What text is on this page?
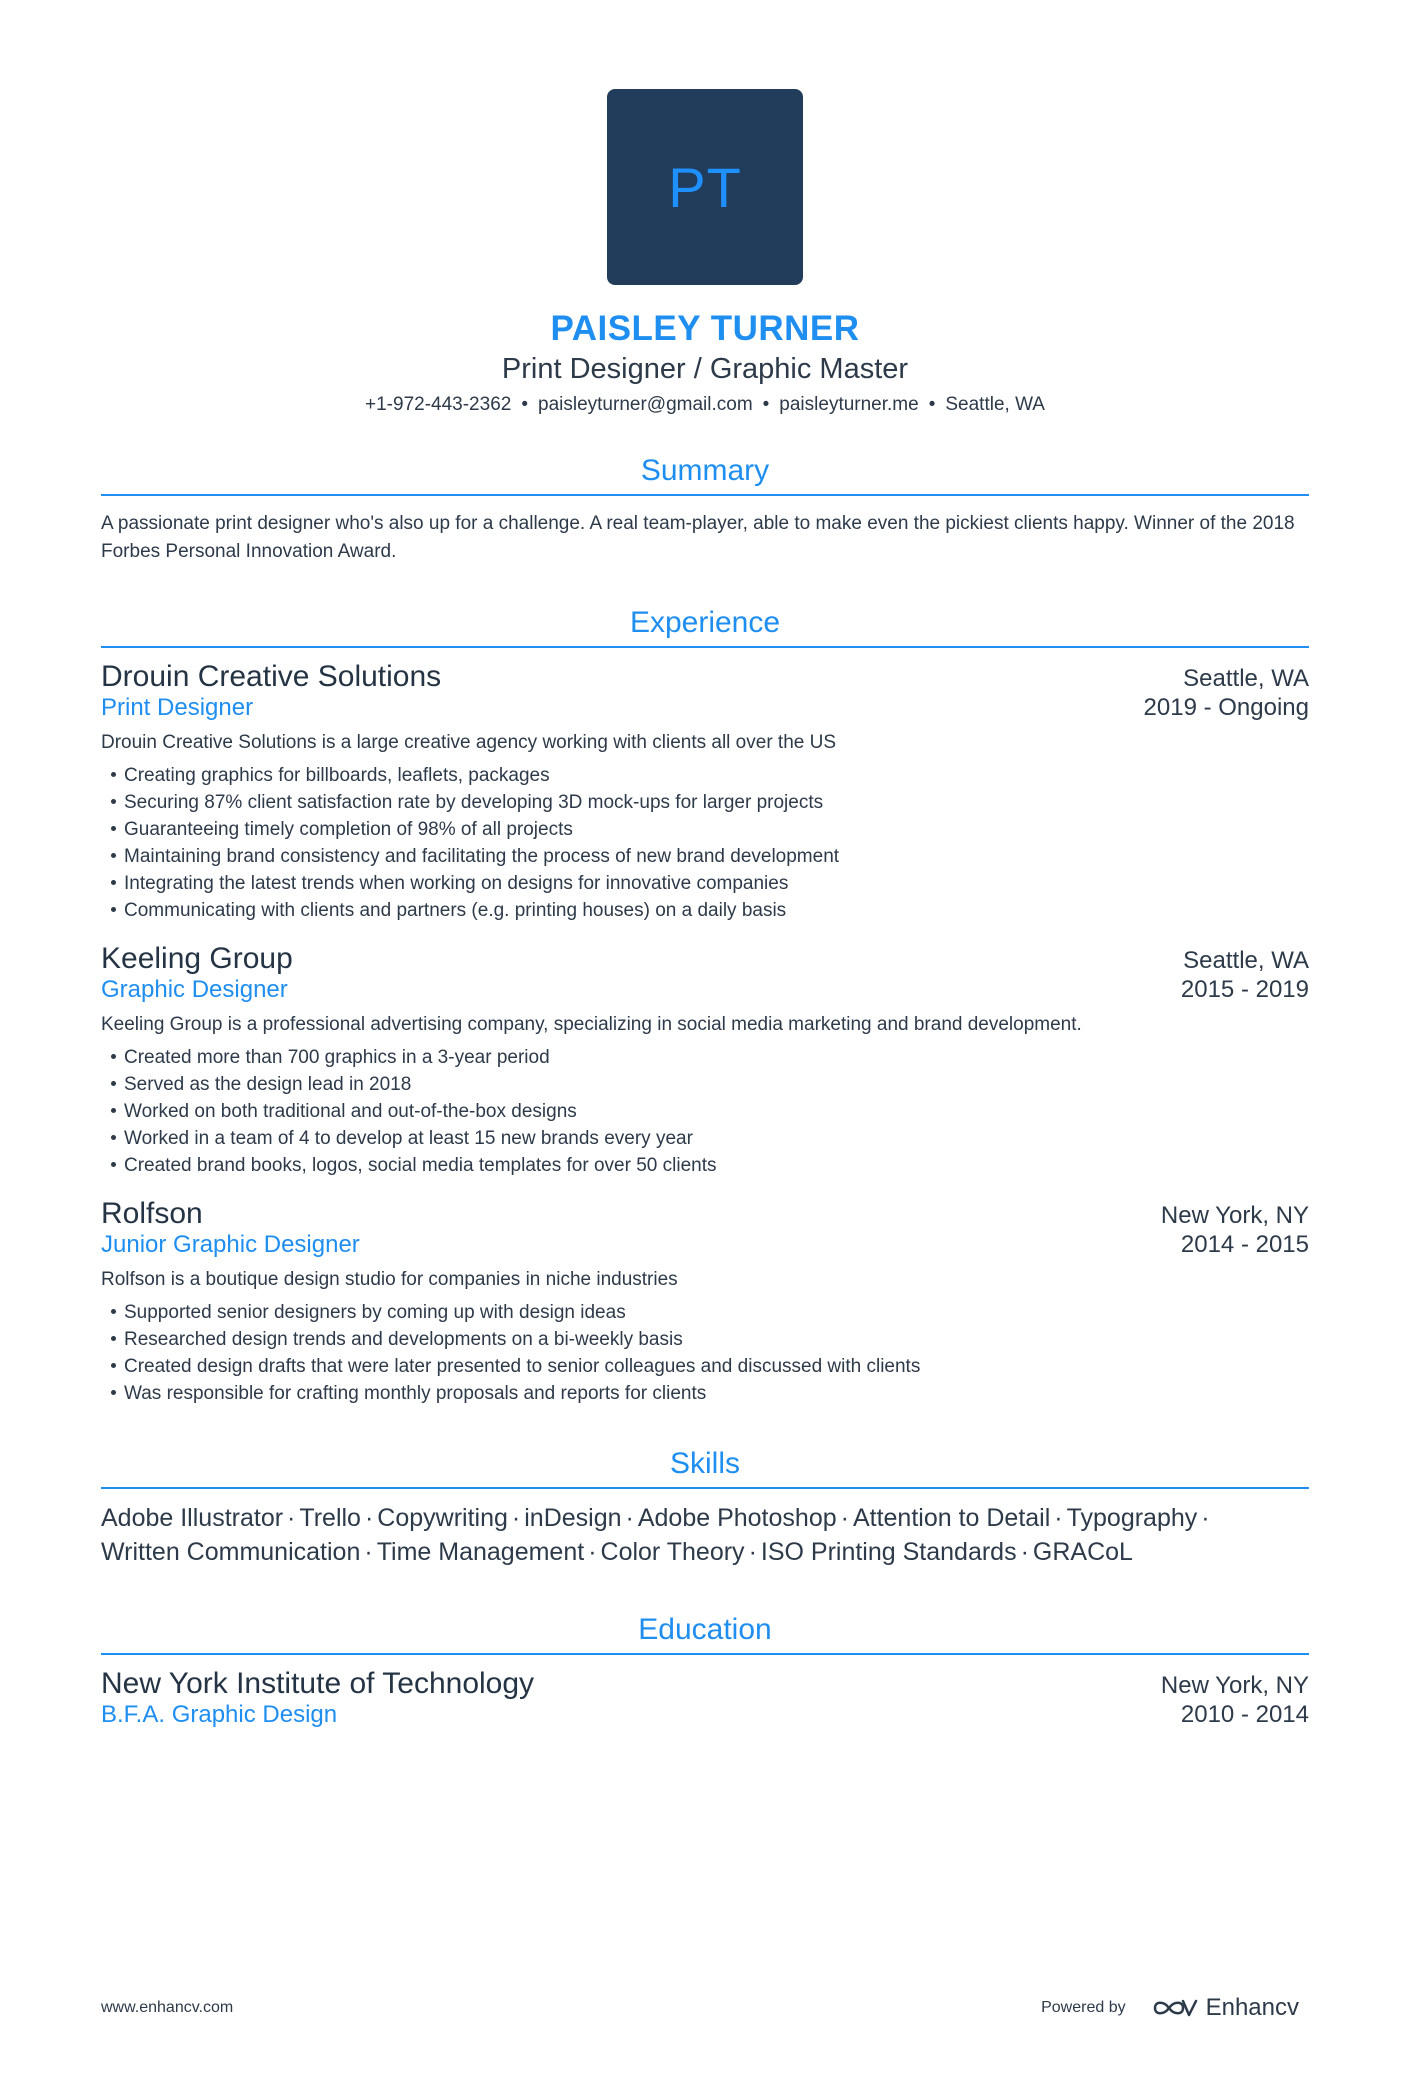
PT
PAISLEY TURNER
Print Designer / Graphic Master
+1-972-443-2362 • paisleyturner@gmail.com • paisleyturner.me • Seattle, WA
Summary
A passionate print designer who's also up for a challenge. A real team-player, able to make even the pickiest clients happy. Winner of the 2018 Forbes Personal Innovation Award.
Experience
Drouin Creative Solutions	Seattle, WA
Print Designer	2019 - Ongoing
Drouin Creative Solutions is a large creative agency working with clients all over the US
Creating graphics for billboards, leaflets, packages
Securing 87% client satisfaction rate by developing 3D mock-ups for larger projects
Guaranteeing timely completion of 98% of all projects
Maintaining brand consistency and facilitating the process of new brand development
Integrating the latest trends when working on designs for innovative companies
Communicating with clients and partners (e.g. printing houses) on a daily basis
Keeling Group	Seattle, WA
Graphic Designer	2015 - 2019
Keeling Group is a professional advertising company, specializing in social media marketing and brand development.
Created more than 700 graphics in a 3-year period
Served as the design lead in 2018
Worked on both traditional and out-of-the-box designs
Worked in a team of 4 to develop at least 15 new brands every year
Created brand books, logos, social media templates for over 50 clients
Rolfson	New York, NY
Junior Graphic Designer	2014 - 2015
Rolfson is a boutique design studio for companies in niche industries
Supported senior designers by coming up with design ideas
Researched design trends and developments on a bi-weekly basis
Created design drafts that were later presented to senior colleagues and discussed with clients
Was responsible for crafting monthly proposals and reports for clients
Skills
Adobe Illustrator · Trello · Copywriting · inDesign · Adobe Photoshop · Attention to Detail · Typography ·
Written Communication · Time Management · Color Theory · ISO Printing Standards · GRACoL
Education
New York Institute of Technology	New York, NY
B.F.A. Graphic Design	2010 - 2014
www.enhancv.com	Powered by	Enhancv
